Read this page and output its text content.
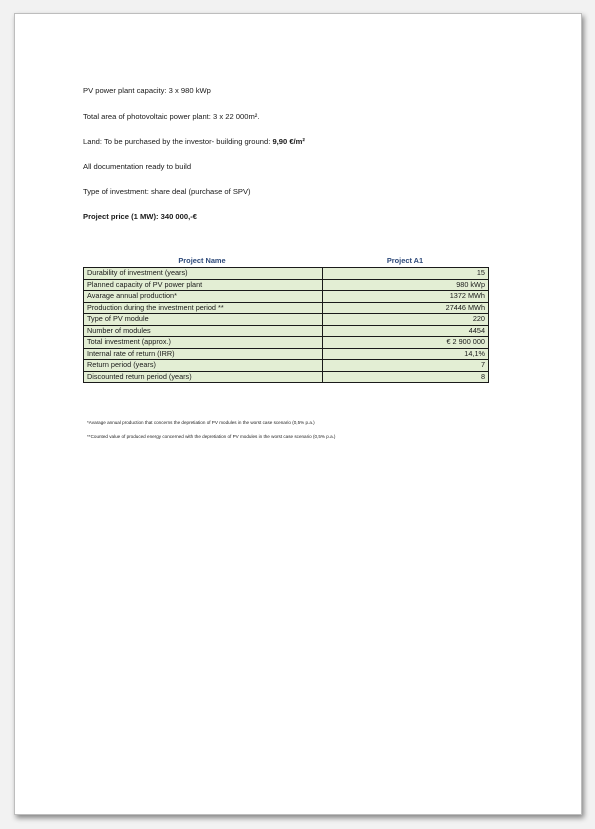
PV power plant capacity: 3 x 980 kWp
Total area of photovoltaic power plant: 3 x 22 000m².
Land: To be purchased by the investor- building ground: 9,90 €/m²
All documentation ready to build
Type of investment: share deal (purchase of SPV)
Project price (1 MW): 340 000,-€
Project Name	Project A1
Durability of investment (years)	15
Planned capacity of PV power plant	980 kWp
Avarage annual production*	1372 MWh
Production during the investment period **	27446 MWh
Type of PV module	220
Number of modules	4454
Total investment (approx.)	€ 2 900 000
Internal rate of return (IRR)	14,1%
Return period (years)	7
Discounted return period (years)	8
*Avarage annual production that concerns the depretiation of PV modules in the worst case scenario (0,5% p.a.)
**Counted value of produced energy concerned with the depretiation of PV modules in the worst case scenario (0,5% p.a.)
